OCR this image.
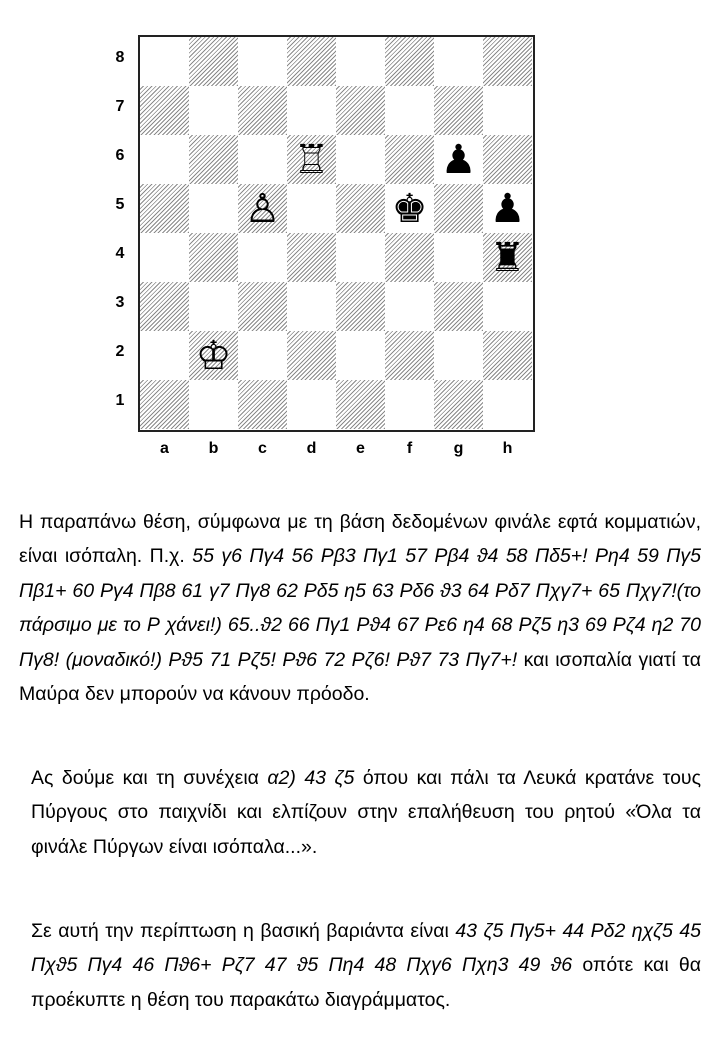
8
7
6
5
4
3
2
1
♖
♙
♔
♚
♟
♟
♜
a	b	c	d	e	f	g	h

Η παραπάνω θέση, σύμφωνα με τη βάση δεδομένων φινάλε εφτά κομματιών, είναι ισόπαλη. Π.χ. 55 γ6 Πγ4 56 Ρβ3 Πγ1 57 Ρβ4 ϑ4 58 Πδ5+! Ρη4 59 Πγ5 Πβ1+ 60 Ργ4 Πβ8 61 γ7 Πγ8 62 Ρδ5 η5 63 Ρδ6 ϑ3 64 Ρδ7 Πχγ7+ 65 Πχγ7!(το πάρσιμο με το Ρ χάνει!) 65..ϑ2 66 Πγ1 Ρϑ4 67 Ρε6 η4 68 Ρζ5 η3 69 Ρζ4 η2 70 Πγ8! (μοναδικό!) Ρϑ5 71 Ρζ5! Ρϑ6 72 Ρζ6! Ρϑ7 73 Πγ7+! και ισοπαλία γιατί τα Μαύρα δεν μπορούν να κάνουν πρόοδο.

Ας δούμε και τη συνέχεια α2) 43 ζ5 όπου και πάλι τα Λευκά κρατάνε τους Πύργους στο παιχνίδι και ελπίζουν στην επαλήθευση του ρητού «Όλα τα φινάλε Πύργων είναι ισόπαλα...».

Σε αυτή την περίπτωση η βασική βαριάντα είναι 43 ζ5 Πγ5+ 44 Ρδ2 ηχζ5 45 Πχϑ5 Πγ4 46 Πϑ6+ Ρζ7 47 ϑ5 Πη4 48 Πχγ6 Πχη3 49 ϑ6 οπότε και θα προέκυπτε η θέση του παρακάτω διαγράμματος.
